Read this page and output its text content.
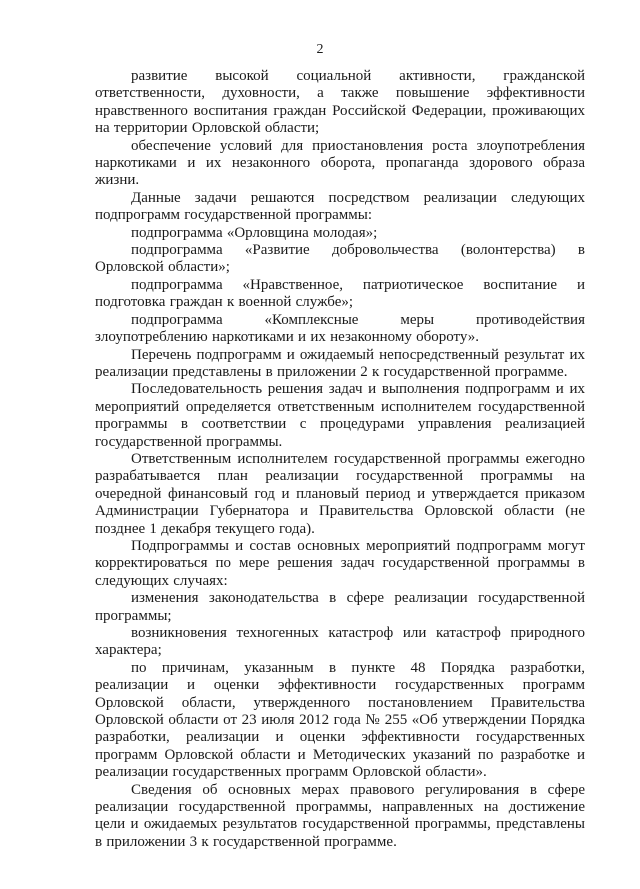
2

развитие высокой социальной активности, гражданской ответственности, духовности, а также повышение эффективности нравственного воспитания граждан Российской Федерации, проживающих на территории Орловской области;

обеспечение условий для приостановления роста злоупотребления наркотиками и их незаконного оборота, пропаганда здорового образа жизни.

Данные задачи решаются посредством реализации следующих подпрограмм государственной программы:

подпрограмма «Орловщина молодая»;

подпрограмма «Развитие добровольчества (волонтерства) в Орловской области»;

подпрограмма «Нравственное, патриотическое воспитание и подготовка граждан к военной службе»;

подпрограмма «Комплексные меры противодействия злоупотреблению наркотиками и их незаконному обороту».

Перечень подпрограмм и ожидаемый непосредственный результат их реализации представлены в приложении 2 к государственной программе.

Последовательность решения задач и выполнения подпрограмм и их мероприятий определяется ответственным исполнителем государственной программы в соответствии с процедурами управления реализацией государственной программы.

Ответственным исполнителем государственной программы ежегодно разрабатывается план реализации государственной программы на очередной финансовый год и плановый период и утверждается приказом Администрации Губернатора и Правительства Орловской области (не позднее 1 декабря текущего года).

Подпрограммы и состав основных мероприятий подпрограмм могут корректироваться по мере решения задач государственной программы в следующих случаях:

изменения законодательства в сфере реализации государственной программы;

возникновения техногенных катастроф или катастроф природного характера;

по причинам, указанным в пункте 48 Порядка разработки, реализации и оценки эффективности государственных программ Орловской области, утвержденного постановлением Правительства Орловской области от 23 июля 2012 года № 255 «Об утверждении Порядка разработки, реализации и оценки эффективности государственных программ Орловской области и Методических указаний по разработке и реализации государственных программ Орловской области».

Сведения об основных мерах правового регулирования в сфере реализации государственной программы, направленных на достижение цели и ожидаемых результатов государственной программы, представлены в приложении 3 к государственной программе.
